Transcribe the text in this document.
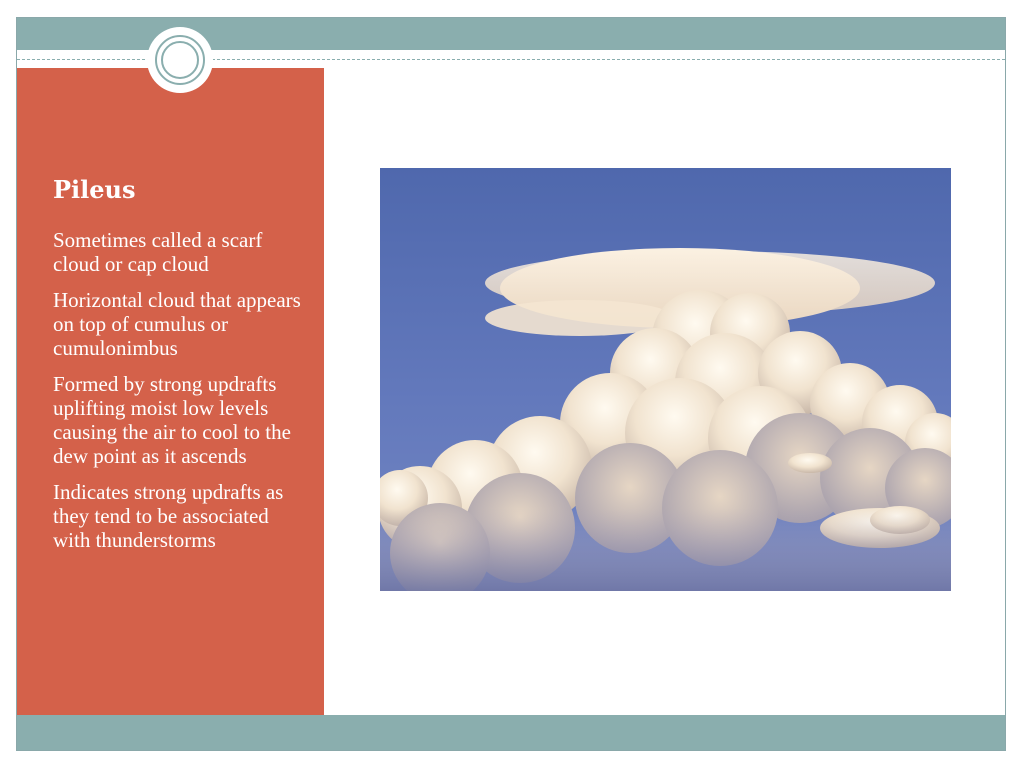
Pileus
Sometimes called a scarf cloud or cap cloud
Horizontal cloud that appears on top of cumulus or cumulonimbus
Formed by strong updrafts uplifting moist low levels causing the air to cool to the dew point as it ascends
Indicates strong updrafts as they tend to be associated with thunderstorms
